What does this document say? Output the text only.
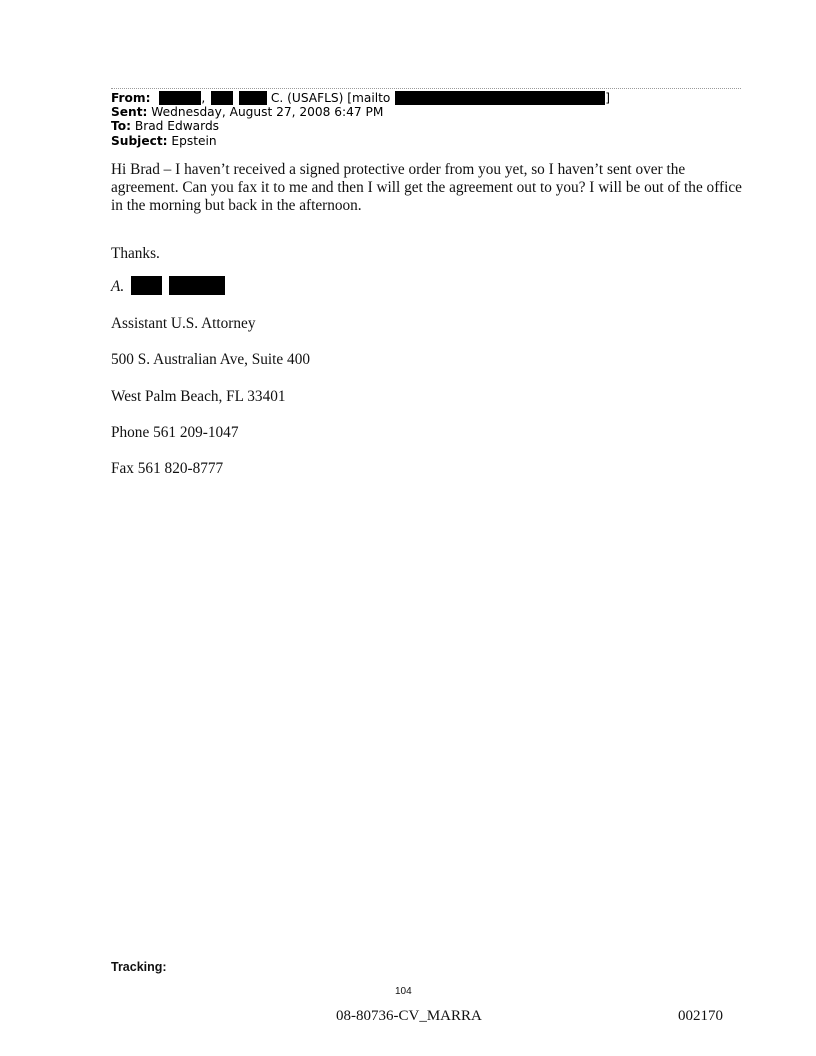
From:	,	C. (USAFLS) [mailto	]
Sent: Wednesday, August 27, 2008 6:47 PM
To: Brad Edwards
Subject: Epstein

Hi Brad – I haven’t received a signed protective order from you yet, so I haven’t sent over the agreement. Can you fax it to me and then I will get the agreement out to you? I will be out of the office in the morning but back in the afternoon.

Thanks.

A.

Assistant U.S. Attorney

500 S. Australian Ave, Suite 400

West Palm Beach, FL 33401

Phone 561 209-1047

Fax 561 820-8777

Tracking:
104
08-80736-CV_MARRA	002170
